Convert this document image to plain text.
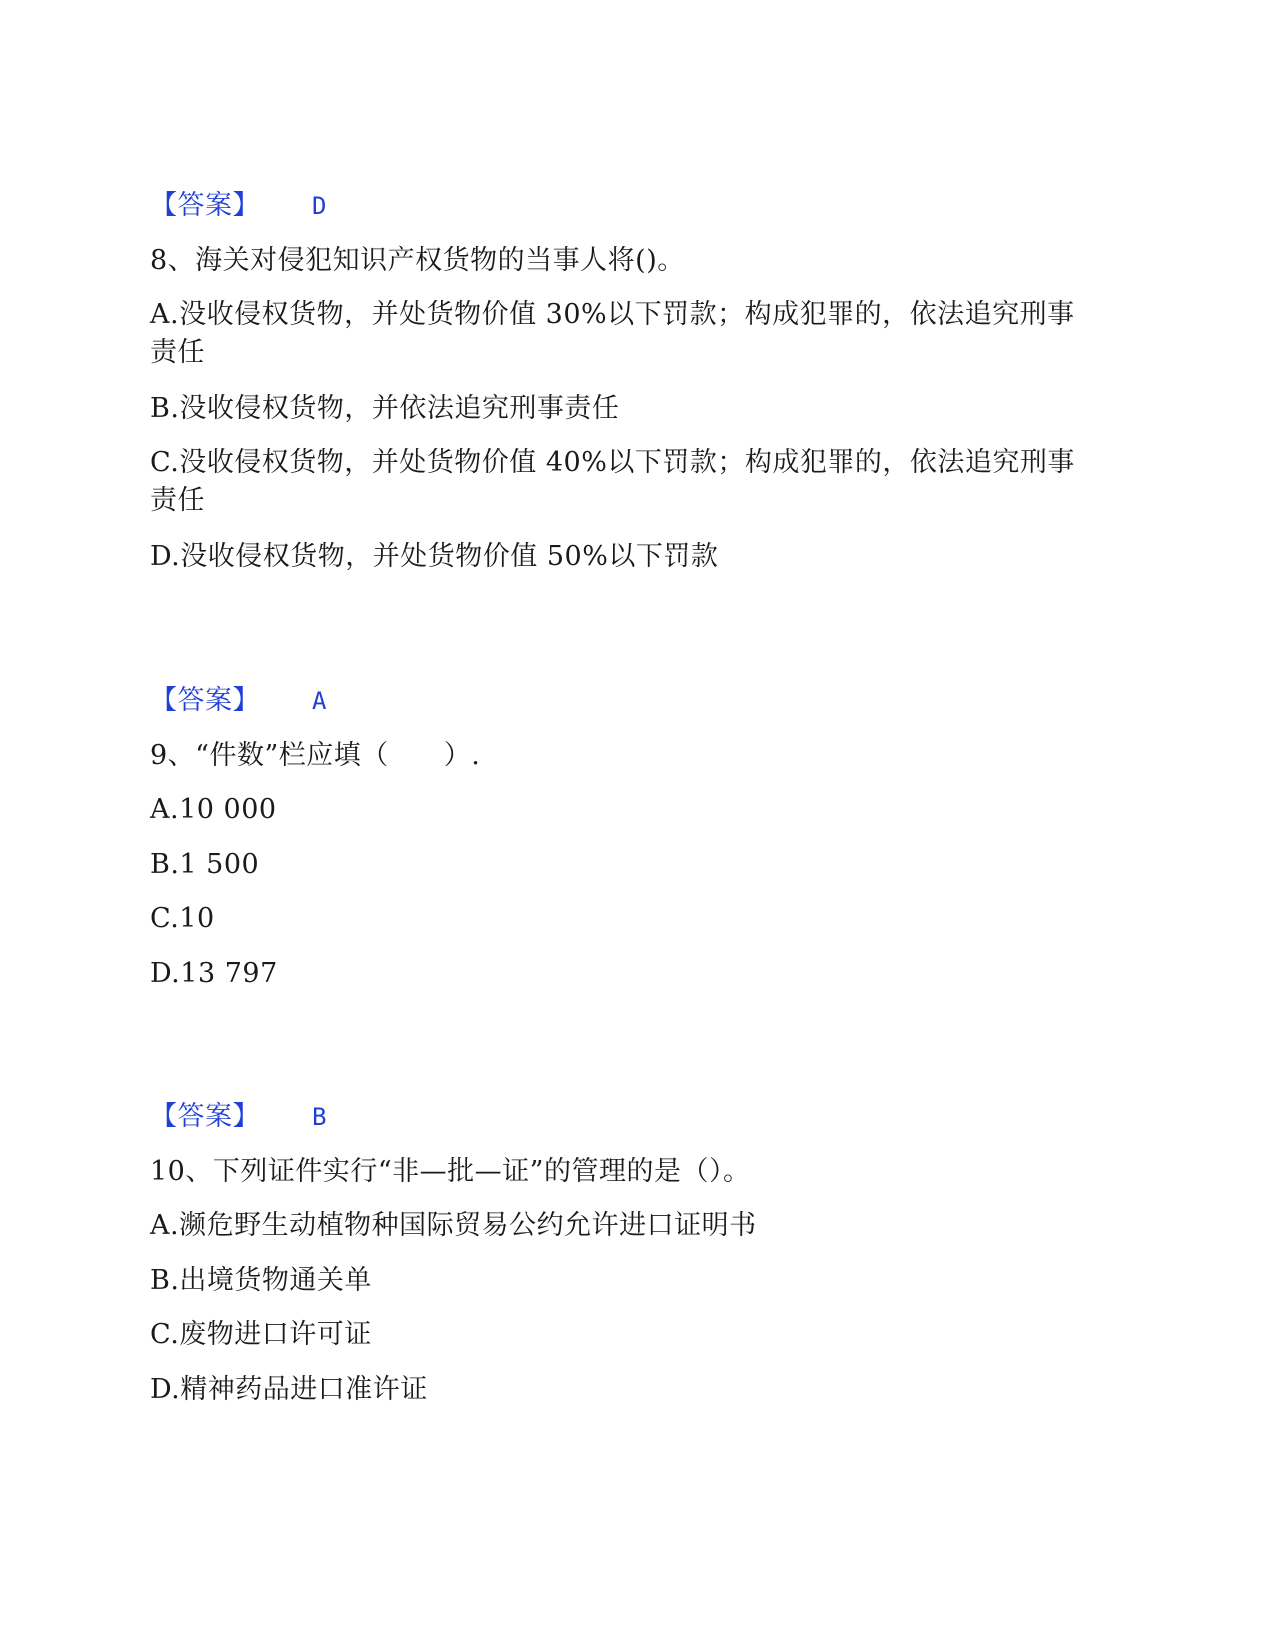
【答案】 D
8、海关对侵犯知识产权货物的当事人将()。
A.没收侵权货物，并处货物价值 30%以下罚款；构成犯罪的，依法追究刑事
责任
B.没收侵权货物，并依法追究刑事责任
C.没收侵权货物，并处货物价值 40%以下罚款；构成犯罪的，依法追究刑事
责任
D.没收侵权货物，并处货物价值 50%以下罚款
【答案】 A
9、“件数”栏应填（　　）.
A.10 000
B.1 500
C.10
D.13 797
【答案】 B
10、下列证件实行“非—批—证”的管理的是（）。
A.濒危野生动植物种国际贸易公约允许进口证明书
B.出境货物通关单
C.废物进口许可证
D.精神药品进口准许证
